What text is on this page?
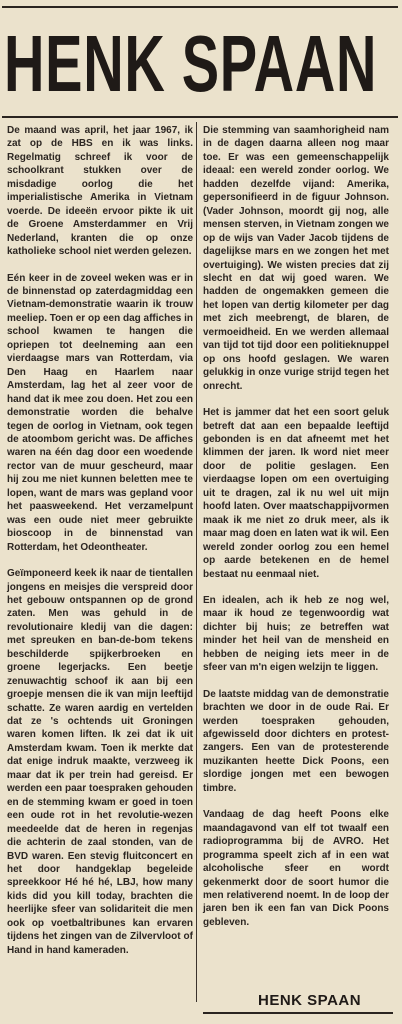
HENK SPAAN

De maand was april, het jaar 1967, ik zat op de HBS en ik was links. Regelmatig schreef ik voor de schoolkrant stukken over de misdadige oorlog die het imperialistische Amerika in Vietnam voerde. De ideeën ervoor pikte ik uit de Groene Amsterdammer en Vrij Nederland, kranten die op onze katholieke school niet werden gelezen.

Eén keer in de zoveel weken was er in de binnenstad op zaterdagmiddag een Vietnam-demonstratie waarin ik trouw meeliep. Toen er op een dag affiches in school kwamen te hangen die opriepen tot deelneming aan een vierdaagse mars van Rotterdam, via Den Haag en Haarlem naar Amsterdam, lag het al zeer voor de hand dat ik mee zou doen. Het zou een demonstratie worden die behalve tegen de oorlog in Vietnam, ook tegen de atoombom gericht was. De affiches waren na één dag door een woedende rector van de muur gescheurd, maar hij zou me niet kunnen beletten mee te lopen, want de mars was gepland voor het paasweekend. Het verzamelpunt was een oude niet meer gebruikte bioscoop in de binnenstad van Rotterdam, het Odeontheater.

Geïmponeerd keek ik naar de tientallen jongens en meisjes die verspreid door het gebouw ontspannen op de grond zaten. Men was gehuld in de revolutionaire kledij van die dagen: met spreuken en ban-de-bom tekens beschilderde spijkerbroeken en groene legerjacks. Een beetje zenuwachtig schoof ik aan bij een groepje mensen die ik van mijn leeftijd schatte. Ze waren aardig en vertelden dat ze 's ochtends uit Groningen waren komen liften. Ik zei dat ik uit Amsterdam kwam. Toen ik merkte dat dat enige indruk maakte, verzweeg ik maar dat ik per trein had gereisd. Er werden een paar toespraken gehouden en de stemming kwam er goed in toen een oude rot in het revolutie-wezen meedeelde dat de heren in regenjas die achterin de zaal stonden, van de BVD waren. Een stevig fluitconcert en het door handgeklap begeleide spreekkoor Hé hé hé, LBJ, how many kids did you kill today, brachten die heerlijke sfeer van solidariteit die men ook op voetbaltribunes kan ervaren tijdens het zingen van de Zilvervloot of Hand in hand kameraden.

Die stemming van saamhorigheid nam in de dagen daarna alleen nog maar toe. Er was een gemeenschappelijk ideaal: een wereld zonder oorlog. We hadden dezelfde vijand: Amerika, gepersonifieerd in de figuur Johnson. (Vader Johnson, moordt gij nog, alle mensen sterven, in Vietnam zongen we op de wijs van Vader Jacob tijdens de dagelijkse mars en we zongen het met overtuiging). We wisten precies dat zij slecht en dat wij goed waren. We hadden de ongemakken gemeen die het lopen van dertig kilometer per dag met zich meebrengt, de blaren, de vermoeidheid. En we werden allemaal van tijd tot tijd door een politieknuppel op ons hoofd geslagen. We waren gelukkig in onze vurige strijd tegen het onrecht.

Het is jammer dat het een soort geluk betreft dat aan een bepaalde leeftijd gebonden is en dat afneemt met het klimmen der jaren. Ik word niet meer door de politie geslagen. Een vierdaagse lopen om een overtuiging uit te dragen, zal ik nu wel uit mijn hoofd laten. Over maatschappijvormen maak ik me niet zo druk meer, als ik maar mag doen en laten wat ik wil. Een wereld zonder oorlog zou een hemel op aarde betekenen en de hemel bestaat nu eenmaal niet.

En idealen, ach ik heb ze nog wel, maar ik houd ze tegenwoordig wat dichter bij huis; ze betreffen wat minder het heil van de mensheid en hebben de neiging iets meer in de sfeer van m'n eigen welzijn te liggen.

De laatste middag van de demonstratie brachten we door in de oude Rai. Er werden toespraken gehouden, afgewisseld door dichters en protest-zangers. Een van de protesterende muzikanten heette Dick Poons, een slordige jongen met een bewogen timbre.

Vandaag de dag heeft Poons elke maandagavond van elf tot twaalf een radioprogramma bij de AVRO. Het programma speelt zich af in een wat alcoholische sfeer en wordt gekenmerkt door de soort humor die men relativerend noemt. In de loop der jaren ben ik een fan van Dick Poons gebleven.

HENK SPAAN
